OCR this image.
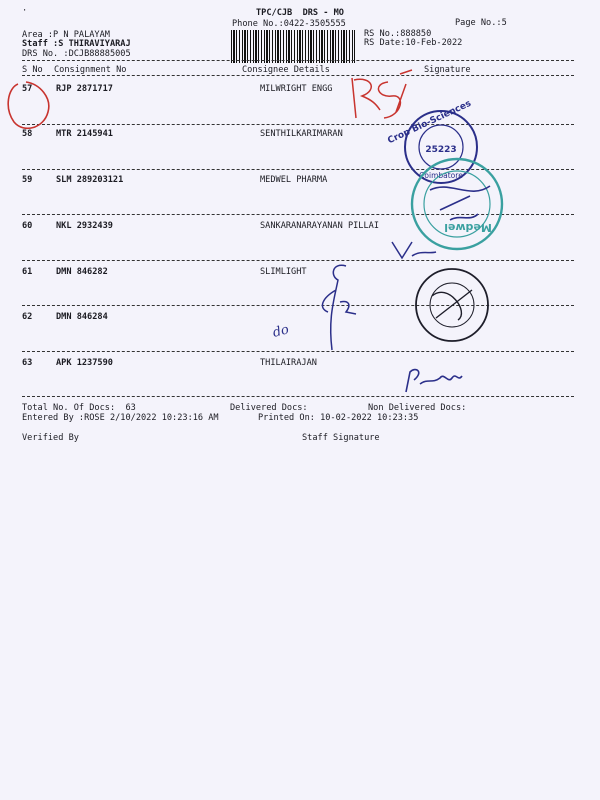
·	TPC/CJB  DRS - MO
Phone No.:0422-3505555	Page No.:5
Area :P N PALAYAM
Staff :S THIRAVIYARAJ
DRS No. :DCJB88885005
RS No.:888850
RS Date:10-Feb-2022
S No Consignment No	Consignee Details	Signature
57	RJP 2871717	MILWRIGHT ENGG
58	MTR 2145941	SENTHILKARIMARAN
59	SLM 289203121	MEDWEL PHARMA
60	NKL 2932439	SANKARANARAYANAN PILLAI
61	DMN 846282	SLIMLIGHT
62	DMN 846284
63	APK 1237590	THILAIRAJAN
Total No. Of Docs:  63	Delivered Docs:	Non Delivered Docs:
Entered By :ROSE 2/10/2022 10:23:16 AM	Printed On: 10-02-2022 10:23:35
Verified By	Staff Signature
Crop Bio-Sciences
25223
Coimbatore
Medwel
do
